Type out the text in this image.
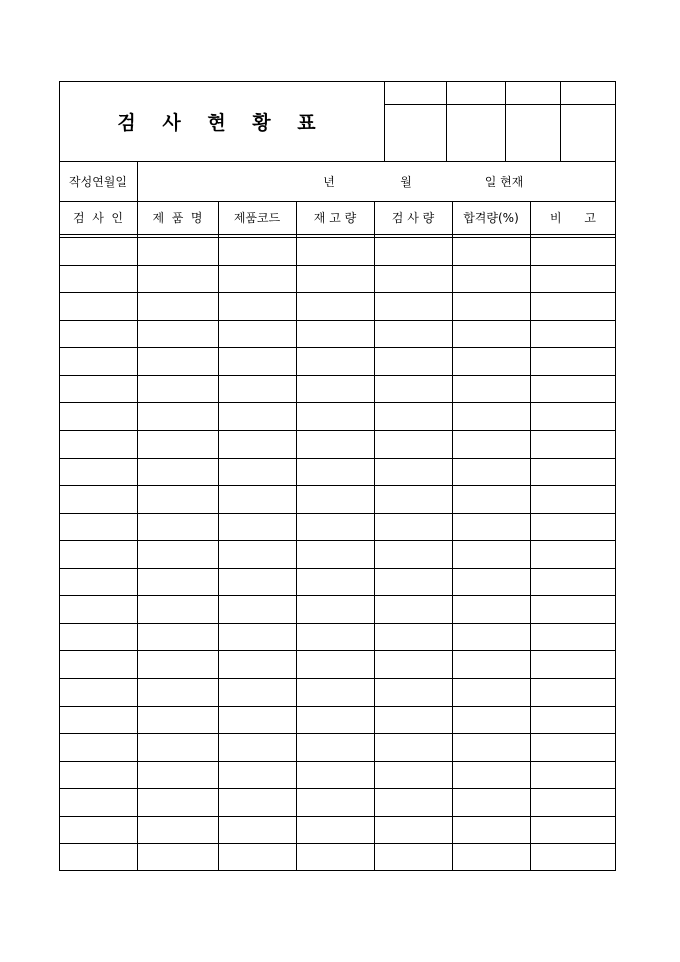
검 사 현 황 표
작성연월일	년	월	일 현재
검  사  인	제  품  명	제품코드	재 고 량	검 사 량	합격량(%)	비      고
